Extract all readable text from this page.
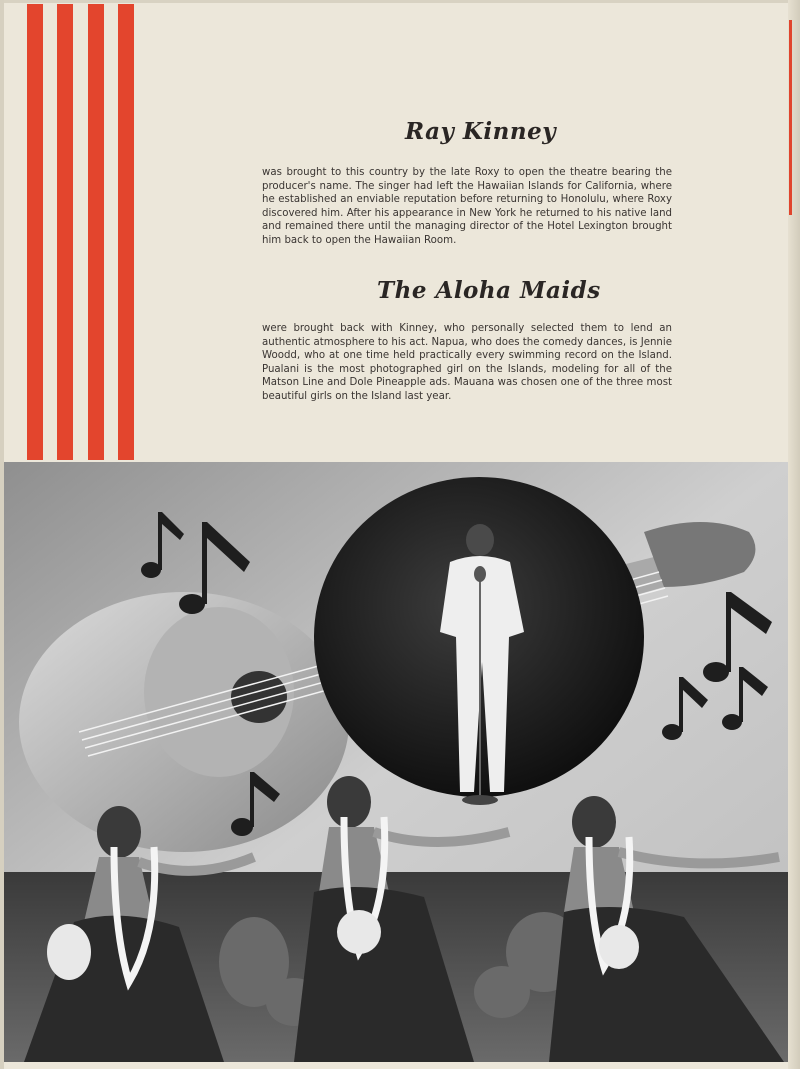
Ray Kinney

was brought to this country by the late Roxy to open the theatre bearing the producer's name. The singer had left the Hawaiian Islands for California, where he established an enviable reputation before returning to Honolulu, where Roxy discovered him. After his appearance in New York he returned to his native land and remained there until the managing director of the Hotel Lexington brought him back to open the Hawaiian Room.

The Aloha Maids

were brought back with Kinney, who personally selected them to lend an authentic atmosphere to his act. Napua, who does the comedy dances, is Jennie Woodd, who at one time held practically every swimming record on the Island. Pualani is the most photographed girl on the Islands, modeling for all of the Matson Line and Dole Pineapple ads. Mauana was chosen one of the three most beautiful girls on the Island last year.
